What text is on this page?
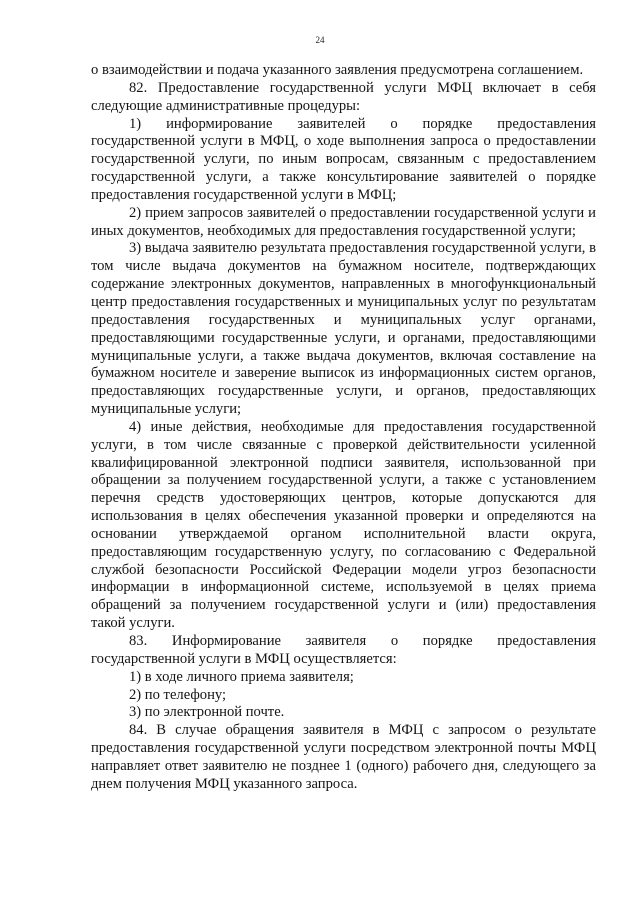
24

о взаимодействии и подача указанного заявления предусмотрена соглашением.

82. Предоставление государственной услуги МФЦ включает в себя следующие административные процедуры:

1) информирование заявителей о порядке предоставления государственной услуги в МФЦ, о ходе выполнения запроса о предоставлении государственной услуги, по иным вопросам, связанным с предоставлением государственной услуги, а также консультирование заявителей о порядке предоставления государственной услуги в МФЦ;

2) прием запросов заявителей о предоставлении государственной услуги и иных документов, необходимых для предоставления государственной услуги;

3) выдача заявителю результата предоставления государственной услуги, в том числе выдача документов на бумажном носителе, подтверждающих содержание электронных документов, направленных в многофункциональный центр предоставления государственных и муниципальных услуг по результатам предоставления государственных и муниципальных услуг органами, предоставляющими государственные услуги, и органами, предоставляющими муниципальные услуги, а также выдача документов, включая составление на бумажном носителе и заверение выписок из информационных систем органов, предоставляющих государственные услуги, и органов, предоставляющих муниципальные услуги;

4) иные действия, необходимые для предоставления государственной услуги, в том числе связанные с проверкой действительности усиленной квалифицированной электронной подписи заявителя, использованной при обращении за получением государственной услуги, а также с установлением перечня средств удостоверяющих центров, которые допускаются для использования в целях обеспечения указанной проверки и определяются на основании утверждаемой органом исполнительной власти округа, предоставляющим государственную услугу, по согласованию с Федеральной службой безопасности Российской Федерации модели угроз безопасности информации в информационной системе, используемой в целях приема обращений за получением государственной услуги и (или) предоставления такой услуги.

83. Информирование заявителя о порядке предоставления государственной услуги в МФЦ осуществляется:

1) в ходе личного приема заявителя;

2) по телефону;

3) по электронной почте.

84. В случае обращения заявителя в МФЦ с запросом о результате предоставления государственной услуги посредством электронной почты МФЦ направляет ответ заявителю не позднее 1 (одного) рабочего дня, следующего за днем получения МФЦ указанного запроса.
